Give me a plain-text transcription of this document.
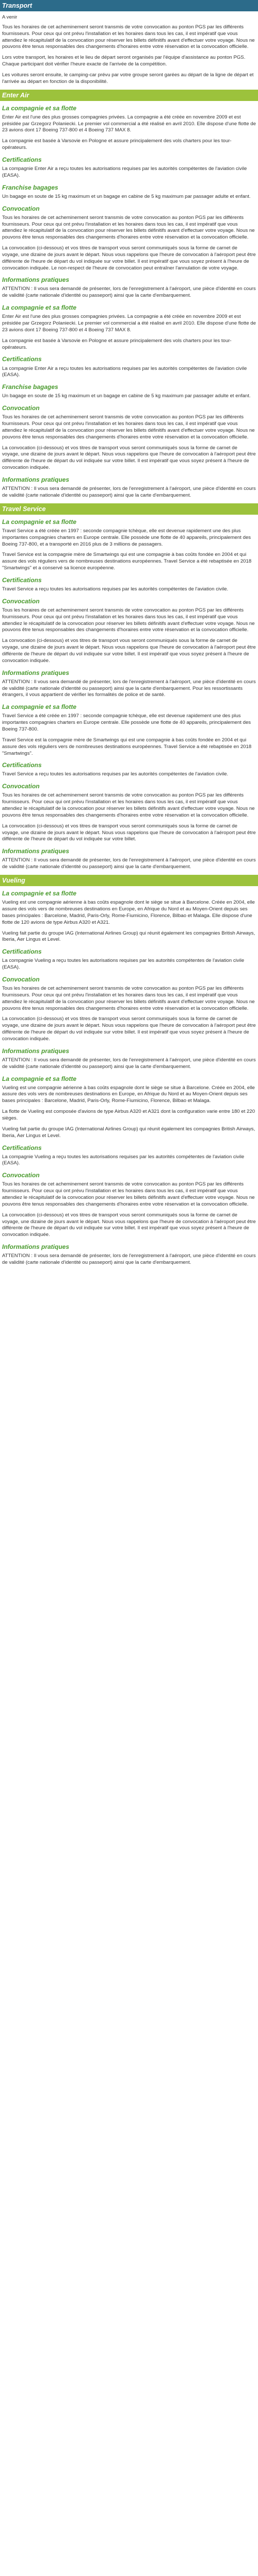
Transport
A venir

Tous les horaires de cet acheminement seront transmis de votre convocation au ponton PGS par les différents fournisseurs. Pour ceux qui ont prévu l'installation et les horaires dans tous les cas, il est impératif que vous attendiez le récapitulatif de la convocation pour réserver les billets définitifs avant d'effectuer votre voyage. Nous ne pouvons être tenus responsables des changements d'horaires entre votre réservation et la convocation officielle.

Lors votre transport, les horaires et le lieu de départ seront organisés par l'équipe d'assistance au ponton PGS. Chaque participant doit vérifier l'heure exacte de l'arrivée de la compétition.

Les voitures seront ensuite, le camping-car prévu par votre groupe seront garées au départ de la ligne de départ et l'arrivée au départ en fonction de la disponibilité.

Enter Air
La compagnie et sa flotte

Enter Air est l'une des plus grosses compagnies privées. La compagnie a été créée en novembre 2009 et est présidée par Grzegorz Polaniecki. Le premier vol commercial a été réalisé en avril 2010. Elle dispose d'une flotte de 23 avions dont 17 Boeing 737-800 et 4 Boeing 737 MAX 8.

La compagnie est basée à Varsovie en Pologne et assure principalement des vols charters pour les tour-opérateurs.

Certifications

La compagnie Enter Air a reçu toutes les autorisations requises par les autorités compétentes de l'aviation civile (EASA).

Franchise bagages

Un bagage en soute de 15 kg maximum et un bagage en cabine de 5 kg maximum par passager adulte et enfant.

Convocation

Tous les horaires de cet acheminement seront transmis de votre convocation au ponton PGS par les différents fournisseurs. Pour ceux qui ont prévu l'installation et les horaires dans tous les cas, il est impératif que vous attendiez le récapitulatif de la convocation pour réserver les billets définitifs avant d'effectuer votre voyage. Nous ne pouvons être tenus responsables des changements d'horaires entre votre réservation et la convocation officielle.

La convocation (ci-dessous) et vos titres de transport vous seront communiqués sous la forme de carnet de voyage, une dizaine de jours avant le départ. Nous vous rappelons que l'heure de convocation à l'aéroport peut être différente de l'heure de départ du vol indiquée sur votre billet. Il est impératif que vous soyez présent à l'heure de convocation indiquée. Le non-respect de l'heure de convocation peut entraîner l'annulation de votre voyage.

Informations pratiques

ATTENTION : Il vous sera demandé de présenter, lors de l'enregistrement à l'aéroport, une pièce d'identité en cours de validité (carte nationale d'identité ou passeport) ainsi que la carte d'embarquement.

La compagnie et sa flotte

Enter Air est l'une des plus grosses compagnies privées. La compagnie a été créée en novembre 2009 et est présidée par Grzegorz Polaniecki. Le premier vol commercial a été réalisé en avril 2010. Elle dispose d'une flotte de 23 avions dont 17 Boeing 737-800 et 4 Boeing 737 MAX 8.

La compagnie est basée à Varsovie en Pologne et assure principalement des vols charters pour les tour-opérateurs.

Certifications

La compagnie Enter Air a reçu toutes les autorisations requises par les autorités compétentes de l'aviation civile (EASA).

Franchise bagages

Un bagage en soute de 15 kg maximum et un bagage en cabine de 5 kg maximum par passager adulte et enfant.

Convocation

Tous les horaires de cet acheminement seront transmis de votre convocation au ponton PGS par les différents fournisseurs. Pour ceux qui ont prévu l'installation et les horaires dans tous les cas, il est impératif que vous attendiez le récapitulatif de la convocation pour réserver les billets définitifs avant d'effectuer votre voyage. Nous ne pouvons être tenus responsables des changements d'horaires entre votre réservation et la convocation officielle.

La convocation (ci-dessous) et vos titres de transport vous seront communiqués sous la forme de carnet de voyage, une dizaine de jours avant le départ. Nous vous rappelons que l'heure de convocation à l'aéroport peut être différente de l'heure de départ du vol indiquée sur votre billet. Il est impératif que vous soyez présent à l'heure de convocation indiquée.

Informations pratiques

ATTENTION : Il vous sera demandé de présenter, lors de l'enregistrement à l'aéroport, une pièce d'identité en cours de validité (carte nationale d'identité ou passeport) ainsi que la carte d'embarquement.

Travel Service
La compagnie et sa flotte

Travel Service a été créée en 1997 : seconde compagnie tchèque, elle est devenue rapidement une des plus importantes compagnies charters en Europe centrale. Elle possède une flotte de 40 appareils, principalement des Boeing 737-800, et a transporté en 2016 plus de 3 millions de passagers.

Travel Service est la compagnie mère de Smartwings qui est une compagnie à bas coûts fondée en 2004 et qui assure des vols réguliers vers de nombreuses destinations européennes. Travel Service a été rebaptisée en 2018 "Smartwings" et a conservé sa licence européenne.

Certifications

Travel Service a reçu toutes les autorisations requises par les autorités compétentes de l'aviation civile.

Convocation

Tous les horaires de cet acheminement seront transmis de votre convocation au ponton PGS par les différents fournisseurs. Pour ceux qui ont prévu l'installation et les horaires dans tous les cas, il est impératif que vous attendiez le récapitulatif de la convocation pour réserver les billets définitifs avant d'effectuer votre voyage. Nous ne pouvons être tenus responsables des changements d'horaires entre votre réservation et la convocation officielle.

La convocation (ci-dessous) et vos titres de transport vous seront communiqués sous la forme de carnet de voyage, une dizaine de jours avant le départ. Nous vous rappelons que l'heure de convocation à l'aéroport peut être différente de l'heure de départ du vol indiquée sur votre billet. Il est impératif que vous soyez présent à l'heure de convocation indiquée.

Informations pratiques

ATTENTION : Il vous sera demandé de présenter, lors de l'enregistrement à l'aéroport, une pièce d'identité en cours de validité (carte nationale d'identité ou passeport) ainsi que la carte d'embarquement. Pour les ressortissants étrangers, il vous appartient de vérifier les formalités de police et de santé.

La compagnie et sa flotte

Travel Service a été créée en 1997 : seconde compagnie tchèque, elle est devenue rapidement une des plus importantes compagnies charters en Europe centrale. Elle possède une flotte de 40 appareils, principalement des Boeing 737-800.

Travel Service est la compagnie mère de Smartwings qui est une compagnie à bas coûts fondée en 2004 et qui assure des vols réguliers vers de nombreuses destinations européennes. Travel Service a été rebaptisée en 2018 "Smartwings".

Certifications

Travel Service a reçu toutes les autorisations requises par les autorités compétentes de l'aviation civile.

Convocation

Tous les horaires de cet acheminement seront transmis de votre convocation au ponton PGS par les différents fournisseurs. Pour ceux qui ont prévu l'installation et les horaires dans tous les cas, il est impératif que vous attendiez le récapitulatif de la convocation pour réserver les billets définitifs avant d'effectuer votre voyage. Nous ne pouvons être tenus responsables des changements d'horaires entre votre réservation et la convocation officielle.

La convocation (ci-dessous) et vos titres de transport vous seront communiqués sous la forme de carnet de voyage, une dizaine de jours avant le départ. Nous vous rappelons que l'heure de convocation à l'aéroport peut être différente de l'heure de départ du vol indiquée sur votre billet.

Informations pratiques

ATTENTION : Il vous sera demandé de présenter, lors de l'enregistrement à l'aéroport, une pièce d'identité en cours de validité (carte nationale d'identité ou passeport) ainsi que la carte d'embarquement.

Vueling
La compagnie et sa flotte

Vueling est une compagnie aérienne à bas coûts espagnole dont le siège se situe à Barcelone. Créée en 2004, elle assure des vols vers de nombreuses destinations en Europe, en Afrique du Nord et au Moyen-Orient depuis ses bases principales : Barcelone, Madrid, Paris-Orly, Rome-Fiumicino, Florence, Bilbao et Malaga. Elle dispose d'une flotte de 120 avions de type Airbus A320 et A321.

Vueling fait partie du groupe IAG (International Airlines Group) qui réunit également les compagnies British Airways, Iberia, Aer Lingus et Level.

Certifications

La compagnie Vueling a reçu toutes les autorisations requises par les autorités compétentes de l'aviation civile (EASA).

Convocation

Tous les horaires de cet acheminement seront transmis de votre convocation au ponton PGS par les différents fournisseurs. Pour ceux qui ont prévu l'installation et les horaires dans tous les cas, il est impératif que vous attendiez le récapitulatif de la convocation pour réserver les billets définitifs avant d'effectuer votre voyage. Nous ne pouvons être tenus responsables des changements d'horaires entre votre réservation et la convocation officielle.

La convocation (ci-dessous) et vos titres de transport vous seront communiqués sous la forme de carnet de voyage, une dizaine de jours avant le départ. Nous vous rappelons que l'heure de convocation à l'aéroport peut être différente de l'heure de départ du vol indiquée sur votre billet. Il est impératif que vous soyez présent à l'heure de convocation indiquée.

Informations pratiques

ATTENTION : Il vous sera demandé de présenter, lors de l'enregistrement à l'aéroport, une pièce d'identité en cours de validité (carte nationale d'identité ou passeport) ainsi que la carte d'embarquement.

La compagnie et sa flotte

Vueling est une compagnie aérienne à bas coûts espagnole dont le siège se situe à Barcelone. Créée en 2004, elle assure des vols vers de nombreuses destinations en Europe, en Afrique du Nord et au Moyen-Orient depuis ses bases principales : Barcelone, Madrid, Paris-Orly, Rome-Fiumicino, Florence, Bilbao et Malaga.

La flotte de Vueling est composée d'avions de type Airbus A320 et A321 dont la configuration varie entre 180 et 220 sièges.

Vueling fait partie du groupe IAG (International Airlines Group) qui réunit également les compagnies British Airways, Iberia, Aer Lingus et Level.

Certifications

La compagnie Vueling a reçu toutes les autorisations requises par les autorités compétentes de l'aviation civile (EASA).

Convocation

Tous les horaires de cet acheminement seront transmis de votre convocation au ponton PGS par les différents fournisseurs. Pour ceux qui ont prévu l'installation et les horaires dans tous les cas, il est impératif que vous attendiez le récapitulatif de la convocation pour réserver les billets définitifs avant d'effectuer votre voyage. Nous ne pouvons être tenus responsables des changements d'horaires entre votre réservation et la convocation officielle.

La convocation (ci-dessous) et vos titres de transport vous seront communiqués sous la forme de carnet de voyage, une dizaine de jours avant le départ. Nous vous rappelons que l'heure de convocation à l'aéroport peut être différente de l'heure de départ du vol indiquée sur votre billet. Il est impératif que vous soyez présent à l'heure de convocation indiquée.

Informations pratiques

ATTENTION : Il vous sera demandé de présenter, lors de l'enregistrement à l'aéroport, une pièce d'identité en cours de validité (carte nationale d'identité ou passeport) ainsi que la carte d'embarquement.
